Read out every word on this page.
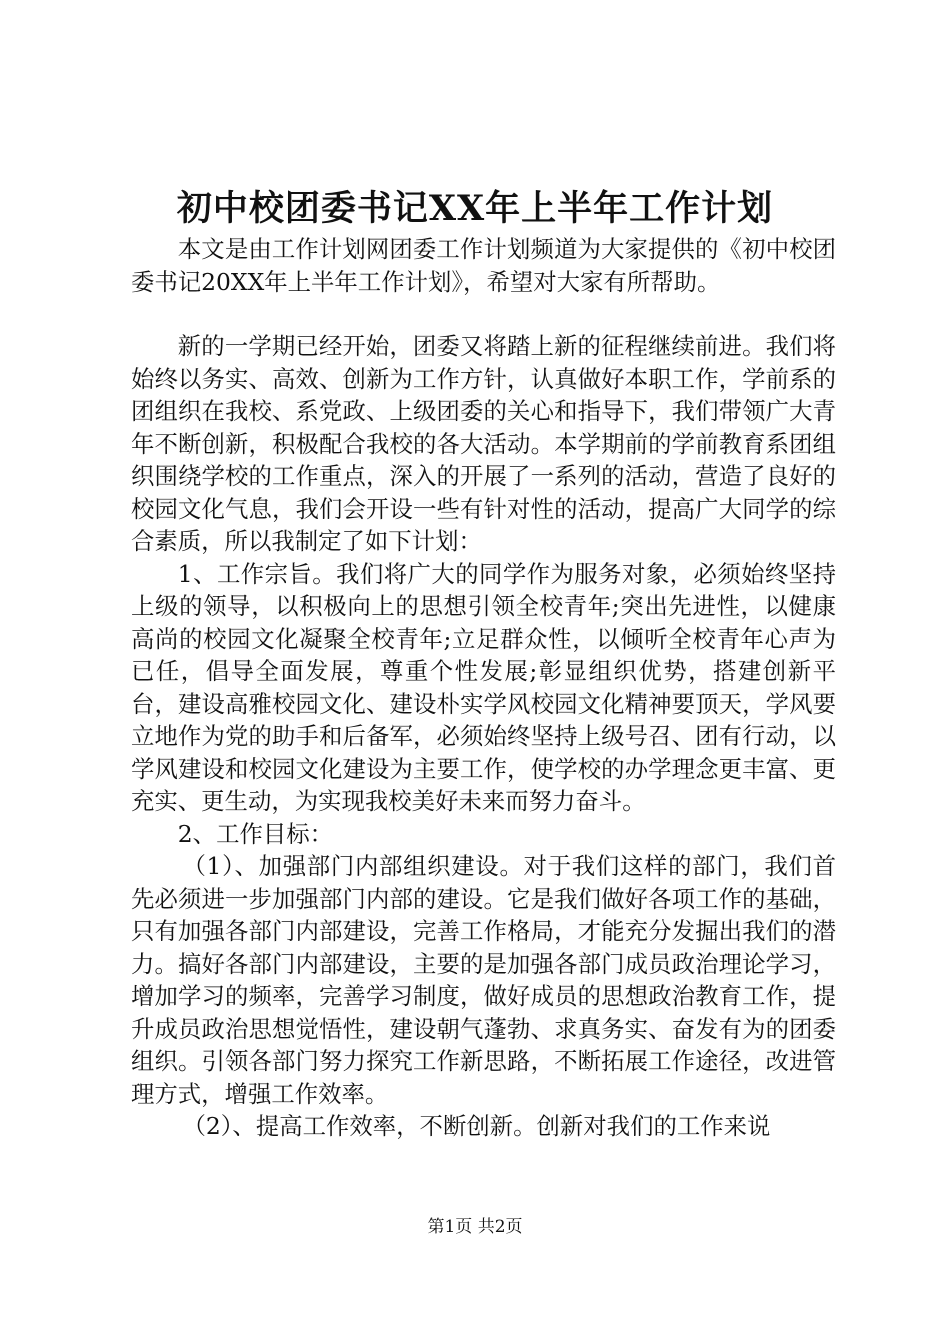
初中校团委书记XX年上半年工作计划

本文是由工作计划网团委工作计划频道为大家提供的《初中校团委书记20XX年上半年工作计划》，希望对大家有所帮助。

新的一学期已经开始，团委又将踏上新的征程继续前进。我们将始终以务实、高效、创新为工作方针，认真做好本职工作，学前系的团组织在我校、系党政、上级团委的关心和指导下，我们带领广大青年不断创新，积极配合我校的各大活动。本学期前的学前教育系团组织围绕学校的工作重点，深入的开展了一系列的活动，营造了良好的校园文化气息，我们会开设一些有针对性的活动，提高广大同学的综合素质，所以我制定了如下计划：

1、工作宗旨。我们将广大的同学作为服务对象，必须始终坚持上级的领导，以积极向上的思想引领全校青年;突出先进性，以健康高尚的校园文化凝聚全校青年;立足群众性，以倾听全校青年心声为已任，倡导全面发展，尊重个性发展;彰显组织优势，搭建创新平台，建设高雅校园文化、建设朴实学风校园文化精神要顶天，学风要立地作为党的助手和后备军，必须始终坚持上级号召、团有行动，以学风建设和校园文化建设为主要工作，使学校的办学理念更丰富、更充实、更生动，为实现我校美好未来而努力奋斗。

2、工作目标：

（1）、加强部门内部组织建设。对于我们这样的部门，我们首先必须进一步加强部门内部的建设。它是我们做好各项工作的基础，只有加强各部门内部建设，完善工作格局，才能充分发掘出我们的潜力。搞好各部门内部建设，主要的是加强各部门成员政治理论学习，增加学习的频率，完善学习制度，做好成员的思想政治教育工作，提升成员政治思想觉悟性，建设朝气蓬勃、求真务实、奋发有为的团委组织。引领各部门努力探究工作新思路，不断拓展工作途径，改进管理方式，增强工作效率。

（2）、提高工作效率，不断创新。创新对我们的工作来说

第1页 共2页
